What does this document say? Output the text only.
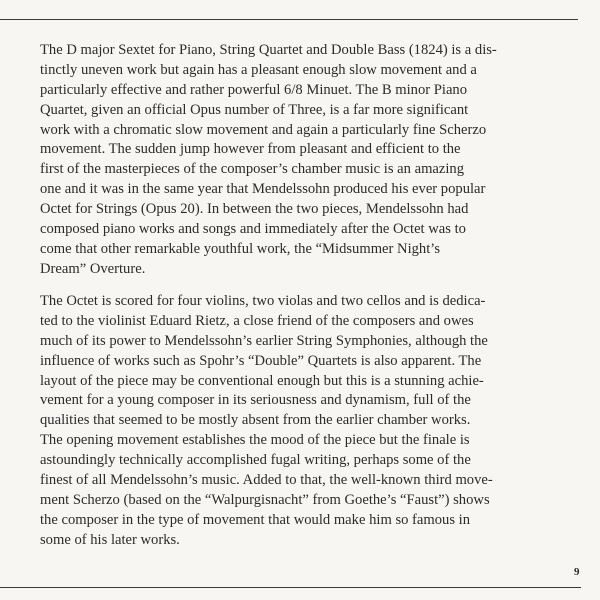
The D major Sextet for Piano, String Quartet and Double Bass (1824) is a dis-
tinctly uneven work but again has a pleasant enough slow movement and a
particularly effective and rather powerful 6/8 Minuet. The B minor Piano
Quartet, given an official Opus number of Three, is a far more significant
work with a chromatic slow movement and again a particularly fine Scherzo
movement. The sudden jump however from pleasant and efficient to the
first of the masterpieces of the composer’s chamber music is an amazing
one and it was in the same year that Mendelssohn produced his ever popular
Octet for Strings (Opus 20). In between the two pieces, Mendelssohn had
composed piano works and songs and immediately after the Octet was to
come that other remarkable youthful work, the “Midsummer Night’s
Dream” Overture.
The Octet is scored for four violins, two violas and two cellos and is dedica-
ted to the violinist Eduard Rietz, a close friend of the composers and owes
much of its power to Mendelssohn’s earlier String Symphonies, although the
influence of works such as Spohr’s “Double” Quartets is also apparent. The
layout of the piece may be conventional enough but this is a stunning achie-
vement for a young composer in its seriousness and dynamism, full of the
qualities that seemed to be mostly absent from the earlier chamber works.
The opening movement establishes the mood of the piece but the finale is
astoundingly technically accomplished fugal writing, perhaps some of the
finest of all Mendelssohn’s music. Added to that, the well-known third move-
ment Scherzo (based on the “Walpurgisnacht” from Goethe’s “Faust”) shows
the composer in the type of movement that would make him so famous in
some of his later works.
9
